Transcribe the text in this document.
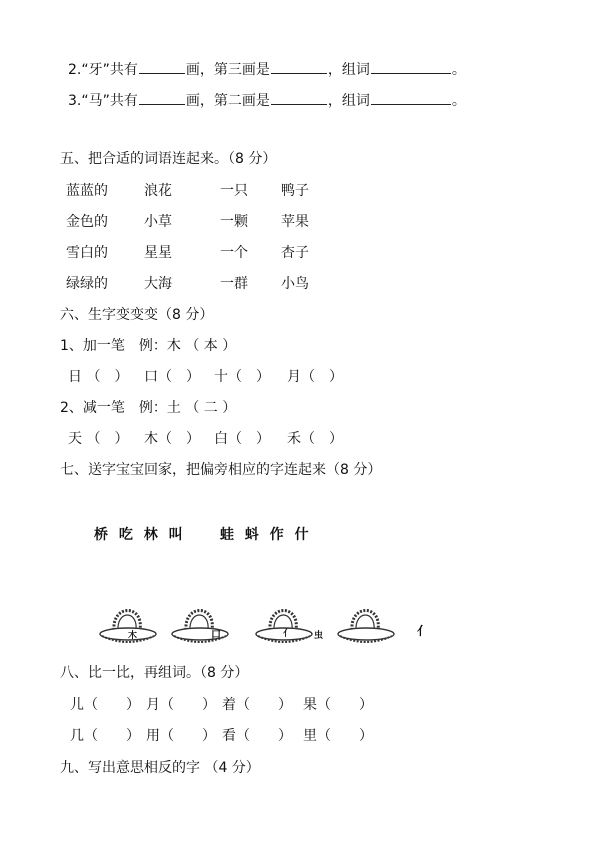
2.“牙”共有	画，第三画是	，组词	。
3.“马”共有	画，第二画是	，组词	。
五、把合适的词语连起来。（8 分）
蓝蓝的	浪花	一只 鸭子
金色的	小草	一颗 苹果
雪白的	星星	一个 杏子
绿绿的	大海	一群 小鸟
六、生字变变变（8 分）
1、加一笔　例：木 （ 本 ）
日 （　） 口（　） 十（　） 月（　）
2、减一笔　例：土 （ 二 ）
天 （　） 木（　） 白（　） 禾（　）
七、送字宝宝回家，把偏旁相应的字连起来（8 分）
桥 吃 林 叫 蛙 蚪 作 什
木	口	亻 虫	亻
八、比一比，再组词。（8 分）
儿（　　） 月（　　） 着（　　） 果（　　）
几（　　） 用（　　） 看（　　） 里（　　）
九、写出意思相反的字 （4 分）
